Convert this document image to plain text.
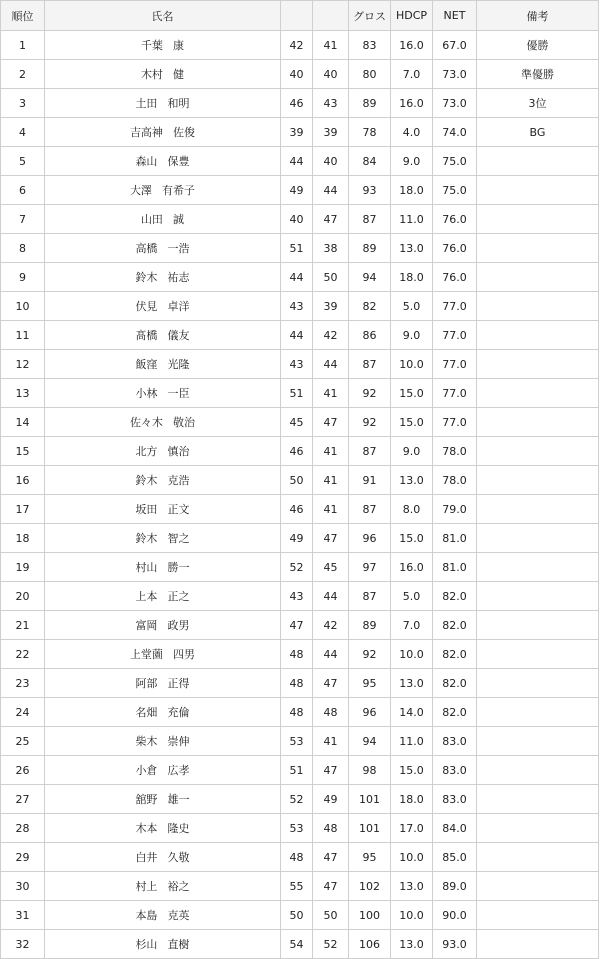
順位	氏名			グロス	HDCP	NET	備考
1	千葉 康	42	41	83	16.0	67.0	優勝
2	木村 健	40	40	80	7.0	73.0	準優勝
3	土田 和明	46	43	89	16.0	73.0	3位
4	吉高神 佐俊	39	39	78	4.0	74.0	BG
5	森山 保豊	44	40	84	9.0	75.0	
6	大澤 有希子	49	44	93	18.0	75.0	
7	山田 誠	40	47	87	11.0	76.0	
8	高橋 一浩	51	38	89	13.0	76.0	
9	鈴木 祐志	44	50	94	18.0	76.0	
10	伏見 卓洋	43	39	82	5.0	77.0	
11	髙橋 儀友	44	42	86	9.0	77.0	
12	飯窪 光隆	43	44	87	10.0	77.0	
13	小林 一臣	51	41	92	15.0	77.0	
14	佐々木 敬治	45	47	92	15.0	77.0	
15	北方 慎治	46	41	87	9.0	78.0	
16	鈴木 克浩	50	41	91	13.0	78.0	
17	坂田 正文	46	41	87	8.0	79.0	
18	鈴木 智之	49	47	96	15.0	81.0	
19	村山 勝一	52	45	97	16.0	81.0	
20	上本 正之	43	44	87	5.0	82.0	
21	富岡 政男	47	42	89	7.0	82.0	
22	上堂薗 四男	48	44	92	10.0	82.0	
23	阿部 正得	48	47	95	13.0	82.0	
24	名畑 充倫	48	48	96	14.0	82.0	
25	柴木 崇伸	53	41	94	11.0	83.0	
26	小倉 広孝	51	47	98	15.0	83.0	
27	舘野 雄一	52	49	101	18.0	83.0	
28	木本 隆史	53	48	101	17.0	84.0	
29	白井 久敬	48	47	95	10.0	85.0	
30	村上 裕之	55	47	102	13.0	89.0	
31	本島 克英	50	50	100	10.0	90.0	
32	杉山 直樹	54	52	106	13.0	93.0	
